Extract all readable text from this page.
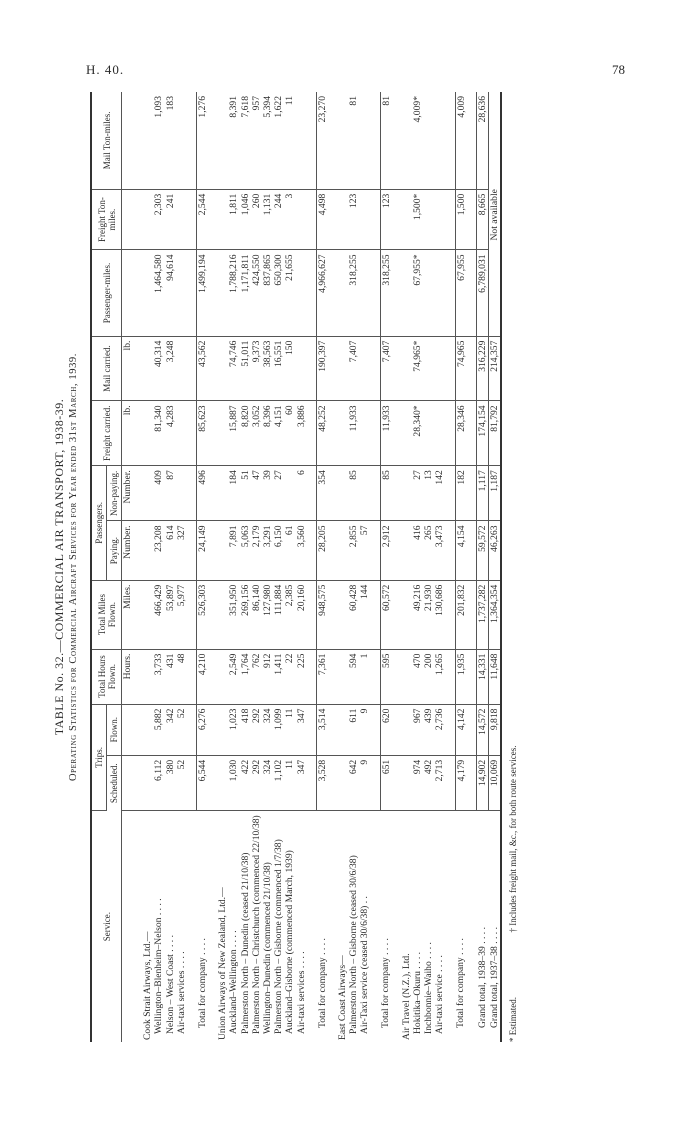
H. 40.	78
TABLE No. 32.—COMMERCIAL AIR TRANSPORT, 1938-39. Operating Statistics for Commercial Aircraft Services for Year ended 31st March, 1939.
Service.	Trips.		Total Hours Flown.	Total Miles Flown.	Passengers.		Freight carried.	Mail carried.	Passenger-miles.	Freight Ton-miles.	Mail Ton-miles.
	Scheduled.	Flown.			Paying.	Non-paying.					
			Hours.	Miles.	Number.	Number.	lb.	lb.			

Cook Strait Airways, Ltd.—											
Wellington–Blenheim–Nelson . . . .	6,112	5,882	3,733	466,429	23,208	409	81,340	40,314	1,464,580	2,303	1,093
Nelson – West Coast . . . .	380	342	431	53,897	614	87	4,283	3,248	94,614	241	183
Air-taxi services . . . .	52	52	48	5,977	327						

Total for company . . . .	6,544	6,276	4,210	526,303	24,149	496	85,623	43,562	1,499,194	2,544	1,276

Union Airways of New Zealand, Ltd.—											
Auckland–Wellington . . . .	1,030	1,023	2,549	351,950	7,891	184	15,887	74,746	1,788,216	1,811	8,391
Palmerston North – Dunedin (ceased 21/10/38)	422	418	1,764	269,156	5,063	51	8,820	51,011	1,171,811	1,046	7,618
Palmerston North – Christchurch (commenced 22/10/38)	292	292	762	86,140	2,179	47	3,052	9,373	424,550	260	957
Wellington–Dunedin (commenced 21/10/38)	324	324	912	127,980	3,291	39	8,396	38,563	837,865	1,131	5,394
Palmerston North – Gisborne (commenced 1/7/38)	1,102	1,099	1,411	111,884	6,150	27	4,151	16,551	650,300	244	1,622
Auckland–Gisborne (commenced March, 1939)	11	11	22	2,385	61		60	150	21,655	3	11
Air-taxi services . . . .	347	347	225	20,160	3,560	6	3,886				

Total for company . . . .	3,528	3,514	7,361	948,575	28,205	354	48,252	190,397	4,966,627	4,498	23,270

East Coast Airways—											
Palmerston North – Gisborne (ceased 30/6/38)	642	611	594	60,428	2,855	85	11,933	7,407	318,255	123	81
Air-Taxi service (ceased 30/6/38) . .	9	9	1	144	57						

Total for company . . . .	651	620	595	60,572	2,912	85	11,933	7,407	318,255	123	81

Air Travel (N.Z.), Ltd.											
Hokitika–Okuru . . . .	974	967	470	49,216	416	27	28,340*	74,965*	67,955*	1,500*	4,009*
Inchbonnie–Waiho . . . .	492	439	200	21,930	265	13					
Air-taxi service . . . .	2,713	2,736	1,265	130,686	3,473	142					

Total for company . . . .	4,179	4,142	1,935	201,832	4,154	182	28,346	74,965	67,955	1,500	4,009

Grand total, 1938–39 . . . .	14,902	14,572	14,331	1,737,282	59,572	1,117	174,154	316,229	6,789,031	8,665	28,636
Grand total, 1937–38 . . . .	10,069	9,818	11,648	1,364,354	46,263	1,187	81,792	214,357	Not available		
* Estimated.  † Includes freight mail, &c., for both route services.
